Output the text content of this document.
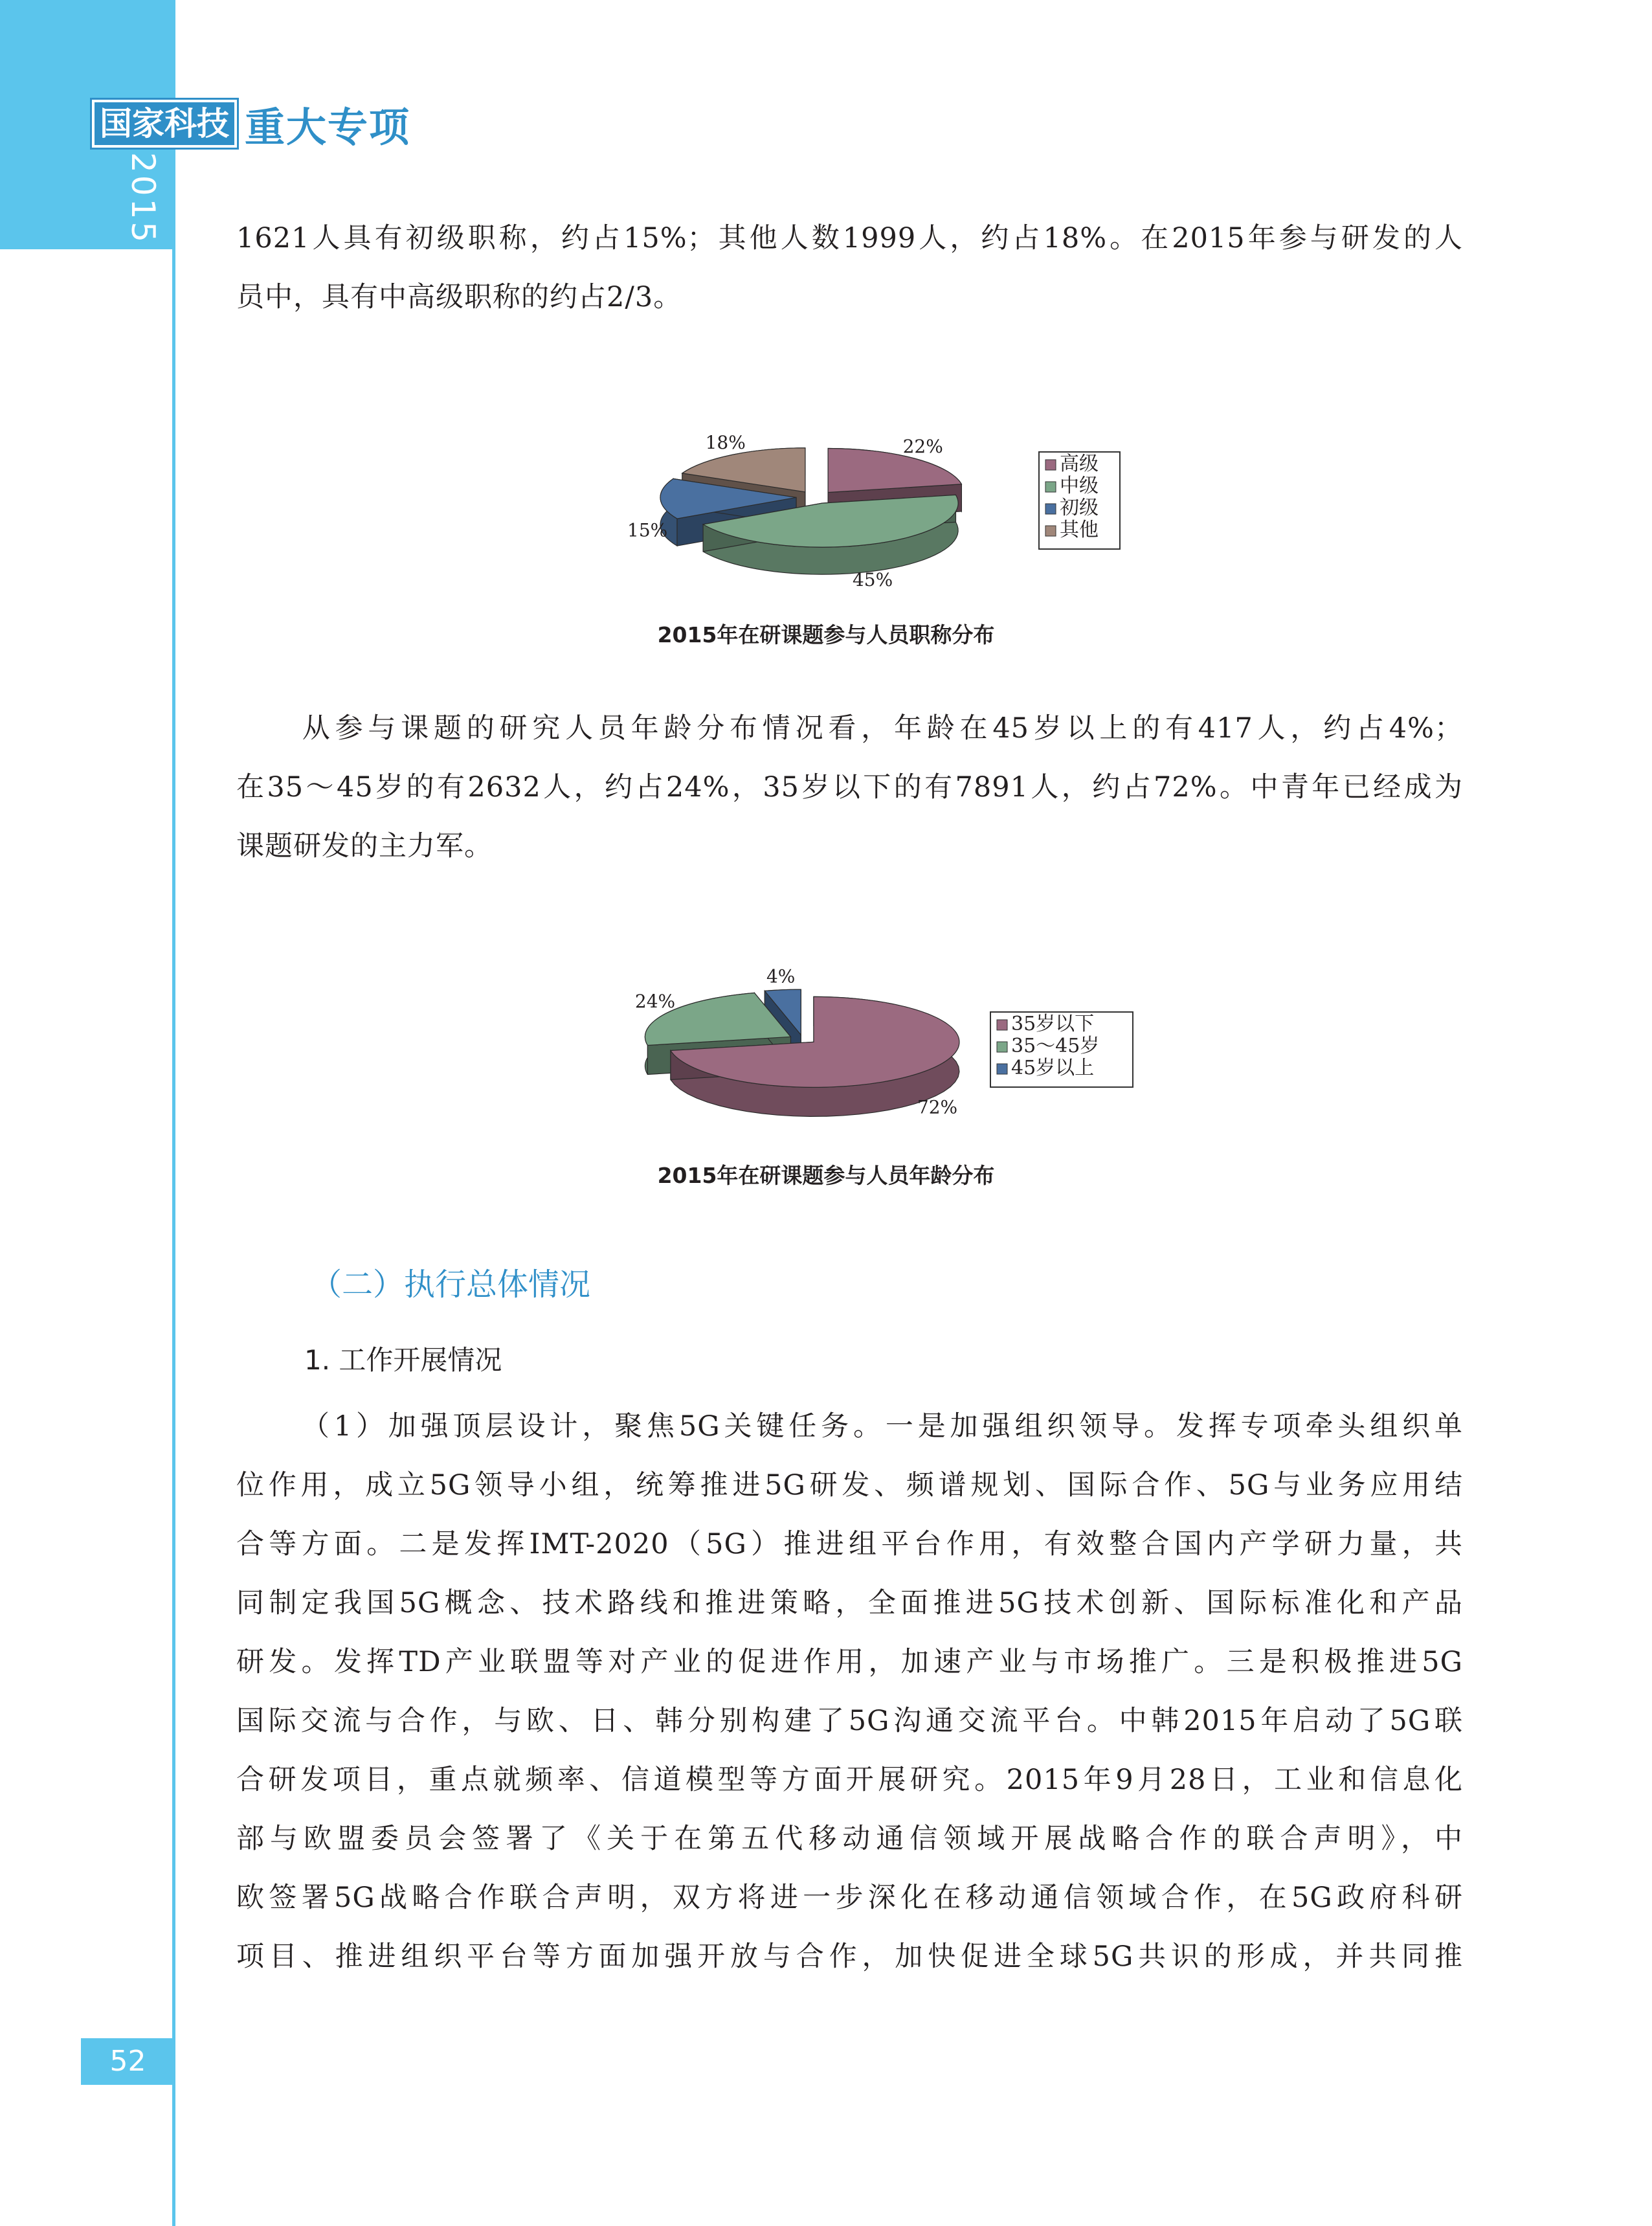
2015 年度报告
国家科技 重大专项
1621人具有初级职称，约占15%；其他人数1999人，约占18%。在2015年参与研发的人
员中，具有中高级职称的约占2/3。
22%
45%
15%
18%
高级
中级
初级
其他
2015年在研课题参与人员职称分布
从参与课题的研究人员年龄分布情况看，年龄在45岁以上的有417人，约占4%；
在35～45岁的有2632人，约占24%，35岁以下的有7891人，约占72%。中青年已经成为
课题研发的主力军。
72%
24%
4%
35岁以下
35～45岁
45岁以上
2015年在研课题参与人员年龄分布
（二）执行总体情况
1. 工作开展情况
（1）加强顶层设计，聚焦5G关键任务。一是加强组织领导。发挥专项牵头组织单
位作用，成立5G领导小组，统筹推进5G研发、频谱规划、国际合作、5G与业务应用结
合等方面。二是发挥IMT-2020（5G）推进组平台作用，有效整合国内产学研力量，共
同制定我国5G概念、技术路线和推进策略，全面推进5G技术创新、国际标准化和产品
研发。发挥TD产业联盟等对产业的促进作用，加速产业与市场推广。三是积极推进5G
国际交流与合作，与欧、日、韩分别构建了5G沟通交流平台。中韩2015年启动了5G联
合研发项目，重点就频率、信道模型等方面开展研究。2015年9月28日，工业和信息化
部与欧盟委员会签署了《关于在第五代移动通信领域开展战略合作的联合声明》，中
欧签署5G战略合作联合声明，双方将进一步深化在移动通信领域合作，在5G政府科研
项目、推进组织平台等方面加强开放与合作，加快促进全球5G共识的形成，并共同推
52
